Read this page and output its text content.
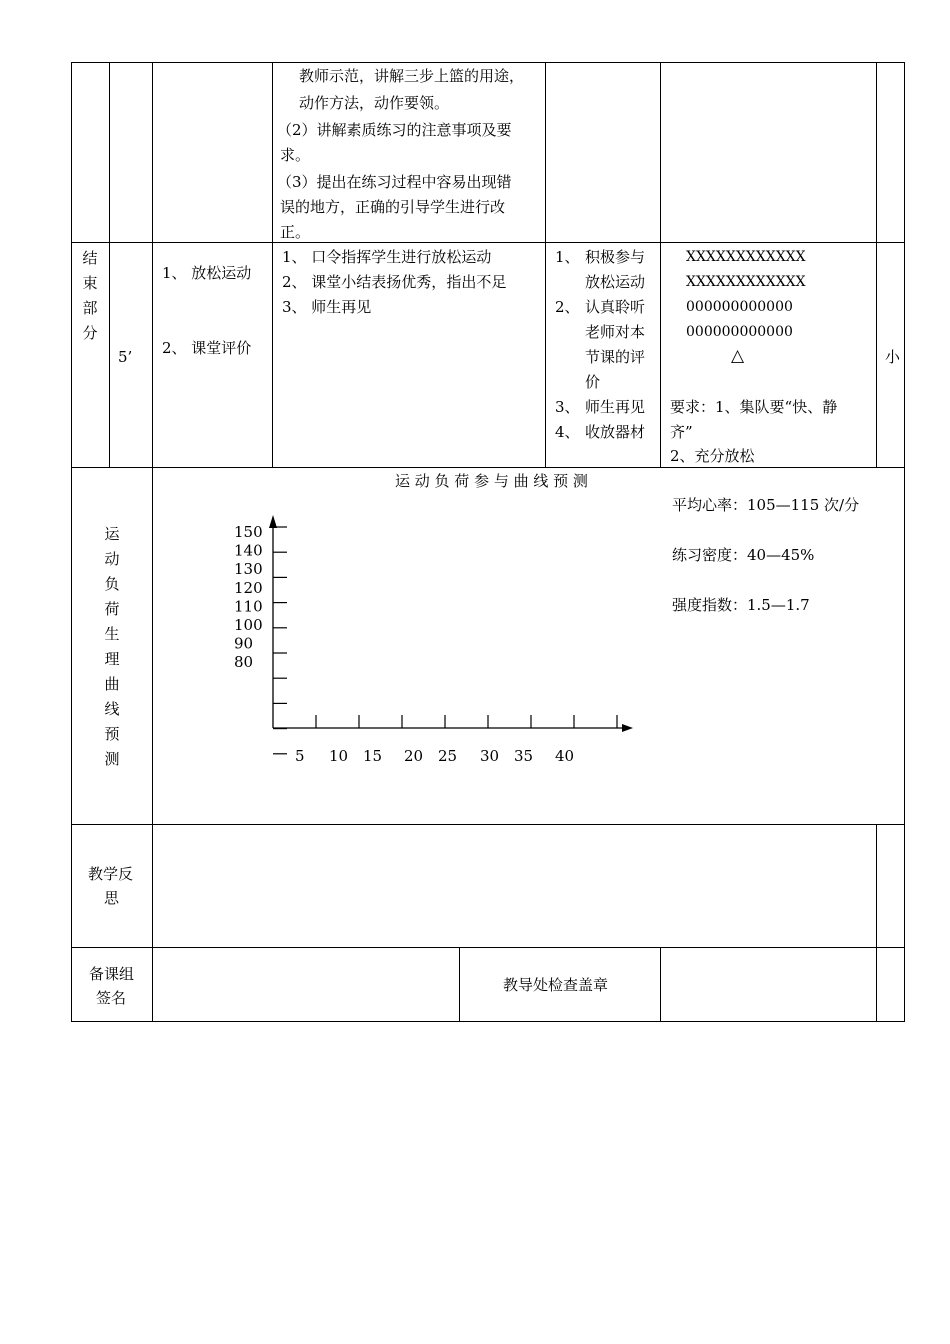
教师示范，讲解三步上篮的用途，
动作方法，动作要领。
（2）讲解素质练习的注意事项及要
求。
（3）提出在练习过程中容易出现错
误的地方，正确的引导学生进行改
正。
结
束
部
分
5’
1、 放松运动
2、 课堂评价
1、 口令指挥学生进行放松运动
2、 课堂小结表扬优秀，指出不足
3、 师生再见
1、 积极参与
放松运动
2、 认真聆听
老师对本
节课的评
价
3、 师生再见
4、 收放器材
XXXXXXXXXXXX
XXXXXXXXXXXX
000000000000
000000000000
△
要求：1、集队要“快、静
齐”
2、充分放松
小
运
动
负
荷
生
理
曲
线
预
测
运 动 负 荷 参 与 曲 线 预 测
150
140
130
120
110
100
90
80
5 10 15 20 25 30 35 40
平均心率：105—115 次/分
练习密度：40—45%
强度指数：1.5—1.7
教学反
思
备课组
签名
教导处检查盖章
